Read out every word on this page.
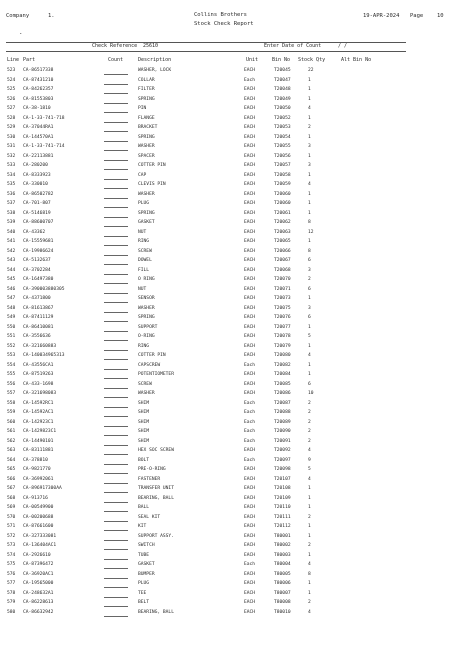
Company	1.	Collins Brothers
Stock Check Report
19-APR-2024 Page	10
.
Check Reference 25610	Enter Date of Count	/ /
Line Part	Count	Description	Unit	Bin No Stock Qty	Alt Bin No
523 CA-86517338	WASHER, LOCK	EACH	T20045	22
524 CA-87431210	COLLAR	Each	T20047	1
525 CA-84262357	FILTER	EACH	T20048	1
526 CA-81553803	SPRING	EACH	T20049	1
527 CA-38-1810	PIN	EACH	T20050	4
528 CA-1-33-741-718	FLANGE	EACH	T20052	1
529 CA-37044RA1	BRACKET	EACH	T20053	2
530 CA-144570A1	SPRING	EACH	T20054	1
531 CA-1-33-741-714	WASHER	EACH	T20055	3
532 CA-22113881	SPACER	EACH	T20056	1
533 CA-280200	COTTER PIN	EACH	T20057	3
534 CA-8333923	CAP	EACH	T20058	1
535 CA-330010	CLEVIS PIN	EACH	T20059	4
536 CA-86502782	WASHER	EACH	T20060	1
537 CA-701-807	PLUG	EACH	T20060	1
538 CA-5146819	SPRING	EACH	T20061	1
539 CA-88600707	GASKET	EACH	T20062	8
540 CA-43362	NUT	EACH	T20063	12
541 CA-15559681	RING	EACH	T20065	1
542 CA-19986624	SCREW	EACH	T20066	8
543 CA-5132637	DOWEL	EACH	T20067	6
544 CA-3702284	FILL	EACH	T20068	3
545 CA-16497380	O RING	EACH	T20070	2
546 CA-390003880305	NUT	EACH	T20071	6
547 CA-4371800	SENSOR	EACH	T20073	1
548 CA-81613867	WASHER	EACH	T20075	3
549 CA-87411129	SPRING	EACH	T20076	6
550 CA-86410081	SUPPORT	EACH	T20077	1
551 CA-3556636	O-RING	EACH	T20078	5
552 CA-321660883	RING	EACH	T20079	1
553 CA-140034965313	COTTER PIN	EACH	T20080	4
554 CA-43556CA1	CAPSCREW	Each	T20082	1
555 CA-87519263	POTENTIOMETER	EACH	T20084	1
556 CA-433-1698	SCREW	EACH	T20085	6
557 CA-321698083	WASHER	EACH	T20086	10
558 CA-14592RC1	SHIM	Each	T20087	2
559 CA-14592AC1	SHIM	Each	T20088	2
560 CA-142923C1	SHIM	Each	T20089	2
561 CA-1429823C1	SHIM	Each	T20090	2
562 CA-14490101	SHIM	Each	T20091	2
563 CA-83111881	HEX SOC SCREW	EACH	T20092	4
564 CA-378810	BOLT	Each	T20097	9
565 CA-9821770	PRE-O-RING	EACH	T20098	5
566 CA-36992061	FASTENER	EACH	T20107	4
567 CA-896917300AA	TRANSFER UNIT	EACH	T20108	1
568 CA-913716	BEARING, BALL	EACH	T20109	1
569 CA-00549900	BALL	EACH	T20110	1
570 CA-00200688	SEAL KIT	EACH	T20111	2
571 CA-87661600	KIT	EACH	T20112	1
572 CA-327333081	SUPPORT ASSY.	EACH	T80001	1
573 CA-136404AC1	SWITCH	EACH	T80002	2
574 CA-2926610	TUBE	EACH	T80003	1
575 CA-87396472	GASKET	Each	T80004	4
576 CA-36920AC1	BUMPER	EACH	T80005	8
577 CA-19565000	PLUG	EACH	T80006	1
578 CA-248632A1	TEE	EACH	T80007	1
579 CA-86228613	BELT	EACH	T80008	2
580 CA-86632942	BEARING, BALL	EACH	T80010	4
